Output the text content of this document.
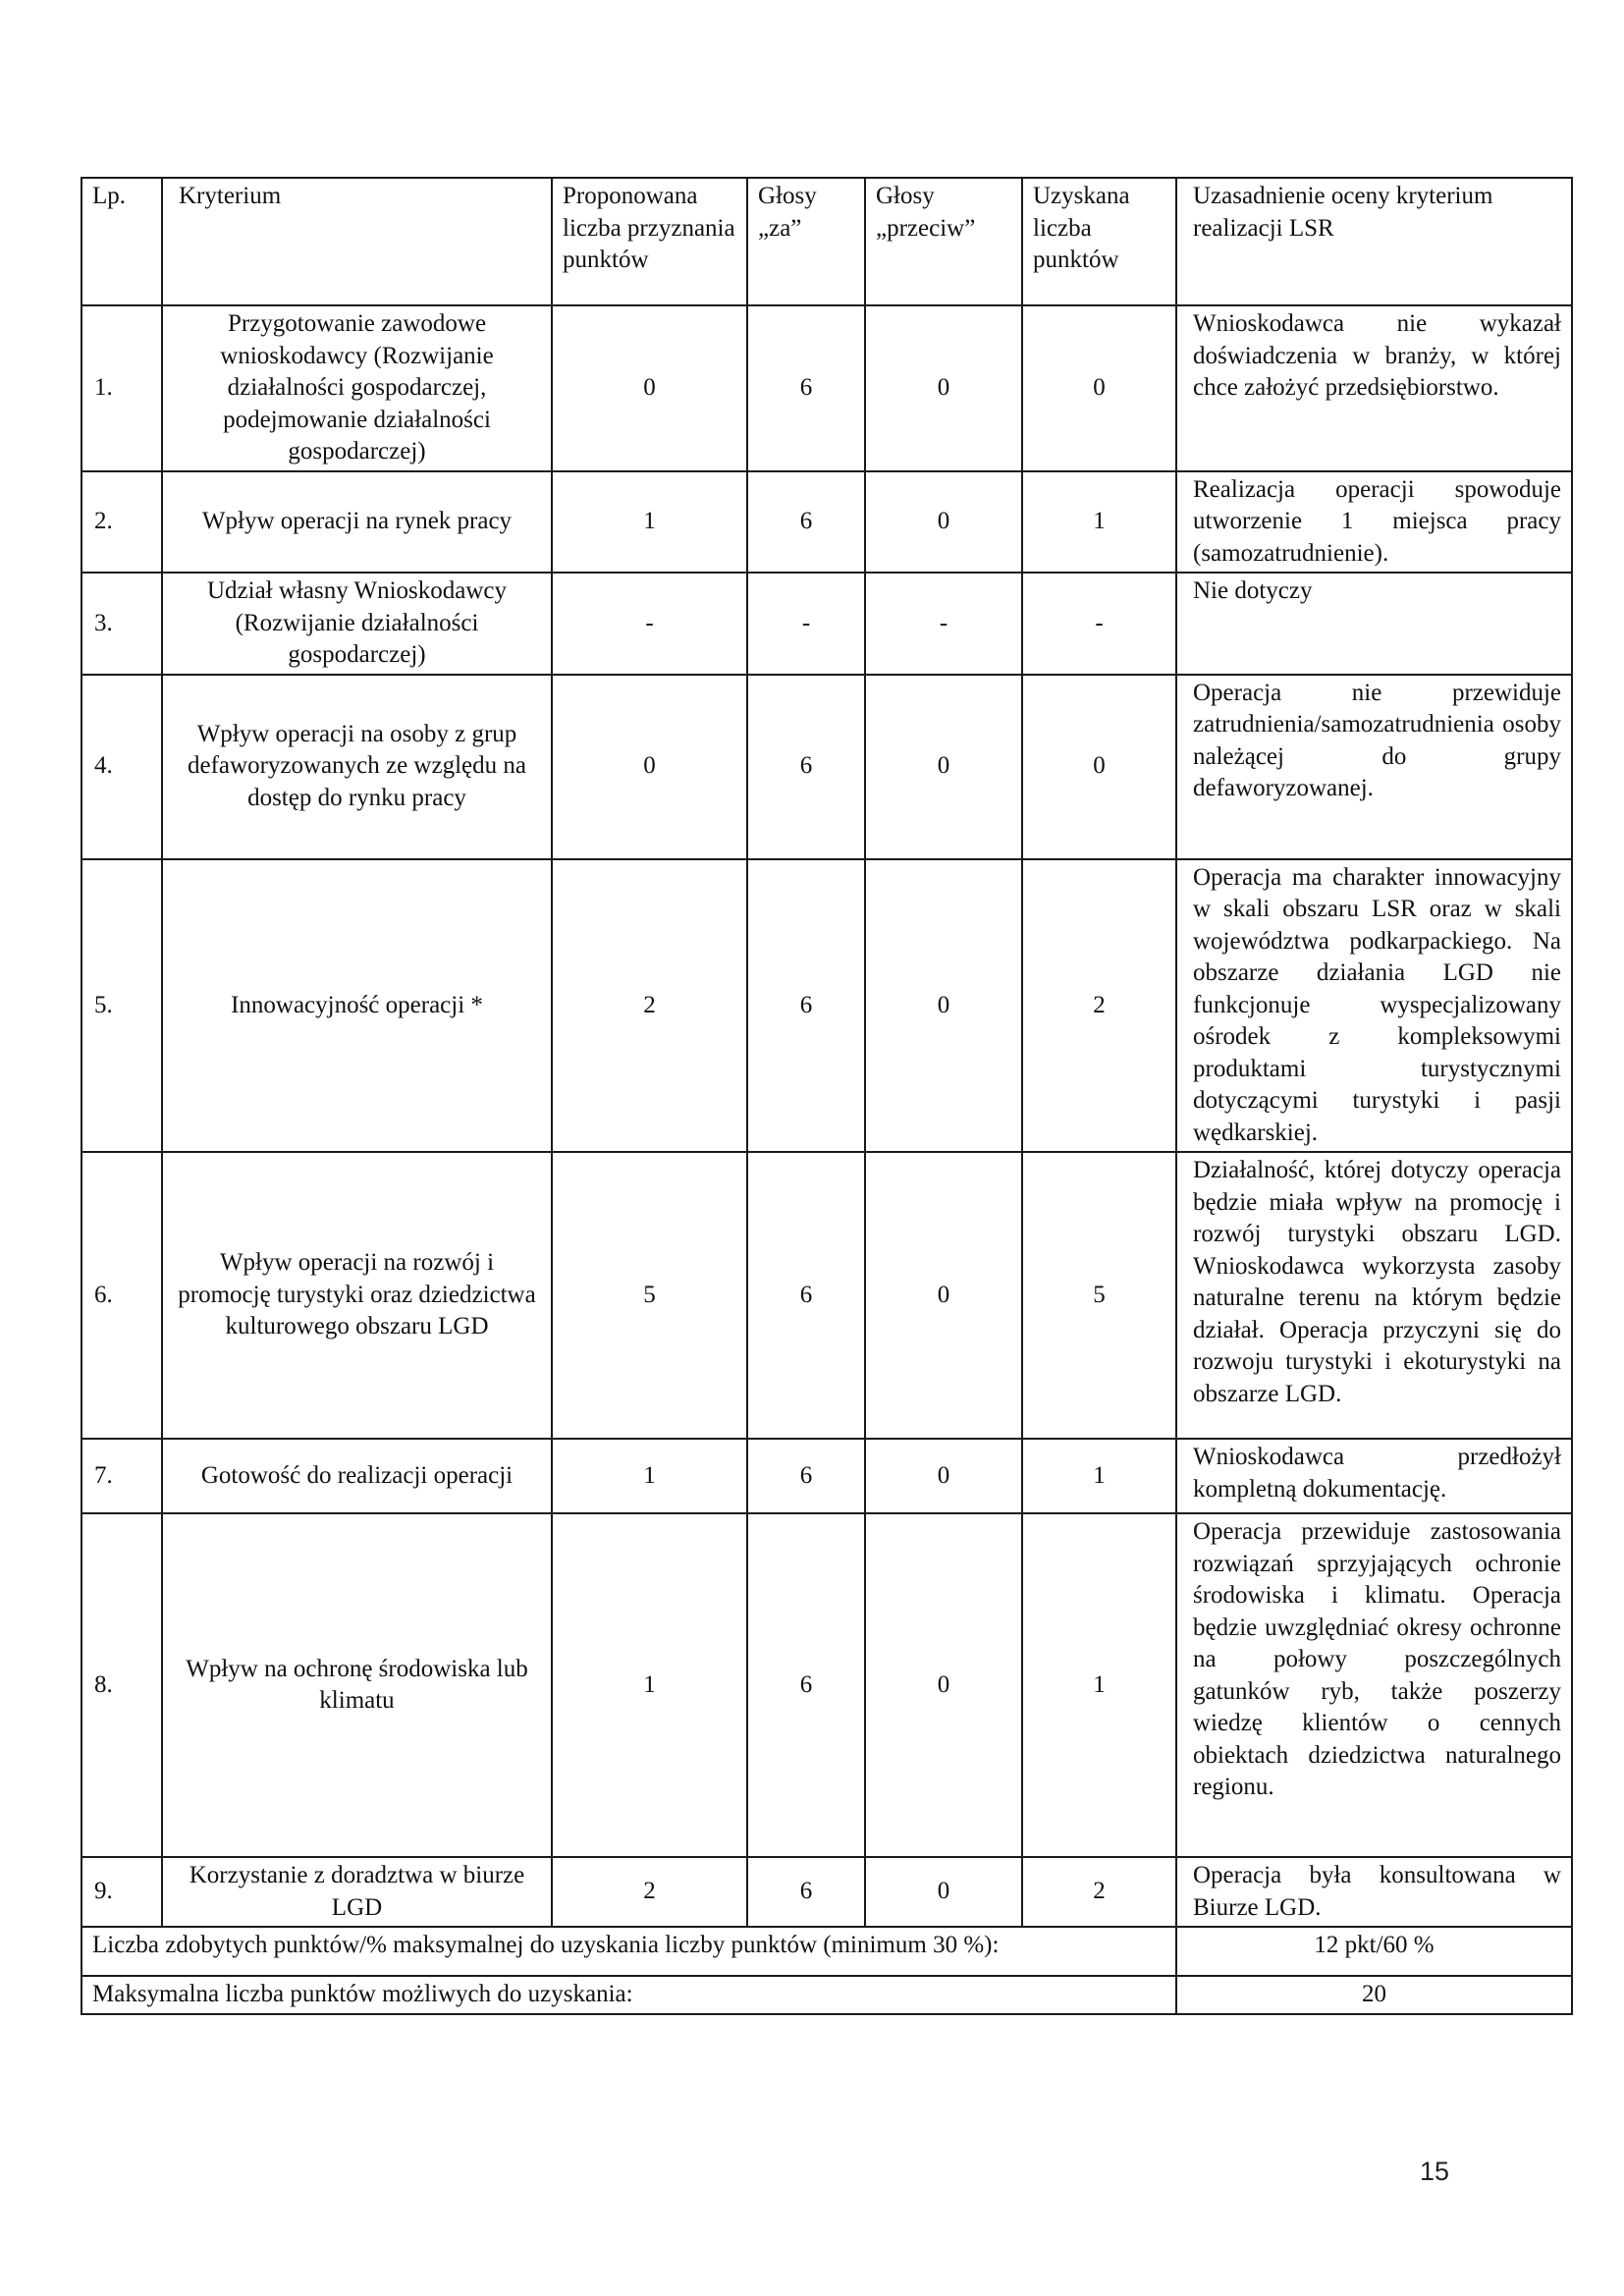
Lp.	Kryterium	Proponowana liczba przyznania punktów	Głosy „za”	Głosy „przeciw”	Uzyskana liczba punktów	Uzasadnienie oceny kryterium realizacji LSR
1.	Przygotowanie zawodowe wnioskodawcy (Rozwijanie działalności gospodarczej, podejmowanie działalności gospodarczej)	0	6	0	0	Wnioskodawca nie wykazał doświadczenia w branży, w której chce założyć przedsiębiorstwo.
2.	Wpływ operacji na rynek pracy	1	6	0	1	Realizacja operacji spowoduje utworzenie 1 miejsca pracy (samozatrudnienie).
3.	Udział własny Wnioskodawcy (Rozwijanie działalności gospodarczej)	-	-	-	-	Nie dotyczy
4.	Wpływ operacji na osoby z grup defaworyzowanych ze względu na dostęp do rynku pracy	0	6	0	0	Operacja nie przewiduje zatrudnienia/samozatrudnienia osoby należącej do grupy defaworyzowanej.
5.	Innowacyjność operacji *	2	6	0	2	Operacja ma charakter innowacyjny w skali obszaru LSR oraz w skali województwa podkarpackiego. Na obszarze działania LGD nie funkcjonuje wyspecjalizowany ośrodek z kompleksowymi produktami turystycznymi dotyczącymi turystyki i pasji wędkarskiej.
6.	Wpływ operacji na rozwój i promocję turystyki oraz dziedzictwa kulturowego obszaru LGD	5	6	0	5	Działalność, której dotyczy operacja będzie miała wpływ na promocję i rozwój turystyki obszaru LGD. Wnioskodawca wykorzysta zasoby naturalne terenu na którym będzie działał. Operacja przyczyni się do rozwoju turystyki i ekoturystyki na obszarze LGD.
7.	Gotowość do realizacji operacji	1	6	0	1	Wnioskodawca przedłożył kompletną dokumentację.
8.	Wpływ na ochronę środowiska lub klimatu	1	6	0	1	Operacja przewiduje zastosowania rozwiązań sprzyjających ochronie środowiska i klimatu. Operacja będzie uwzględniać okresy ochronne na połowy poszczególnych gatunków ryb, także poszerzy wiedzę klientów o cennych obiektach dziedzictwa naturalnego regionu.
9.	Korzystanie z doradztwa w biurze LGD	2	6	0	2	Operacja była konsultowana w Biurze LGD.
Liczba zdobytych punktów/% maksymalnej do uzyskania liczby punktów (minimum 30 %):						12 pkt/60 %
Maksymalna liczba punktów możliwych do uzyskania:						20
15
